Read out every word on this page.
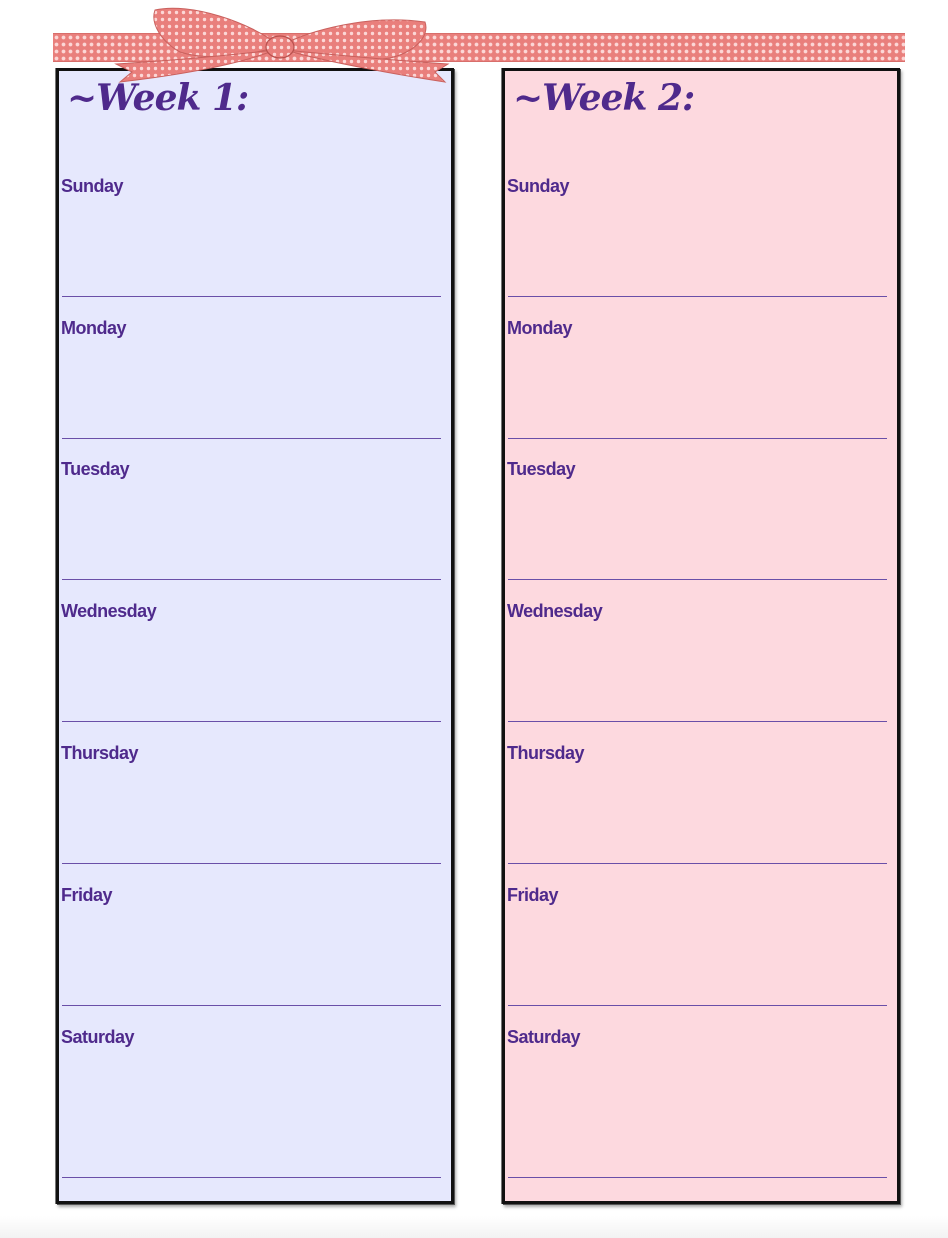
~Week 1:
Sunday
Monday
Tuesday
Wednesday
Thursday
Friday
Saturday
~Week 2:
Sunday
Monday
Tuesday
Wednesday
Thursday
Friday
Saturday
